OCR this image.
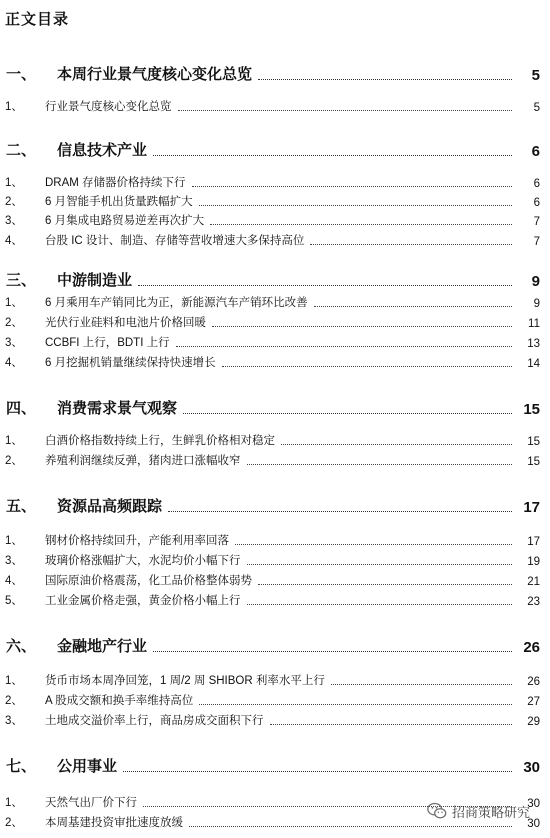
正文目录
一、 本周行业景气度核心变化总览	5
1、 行业景气度核心变化总览	5
二、 信息技术产业	6
1、 DRAM 存储器价格持续下行	6
2、 6 月智能手机出货量跌幅扩大	6
3、 6 月集成电路贸易逆差再次扩大	7
4、 台股 IC 设计、制造、存储等营收增速大多保持高位	7
三、 中游制造业	9
1、 6 月乘用车产销同比为正，新能源汽车产销环比改善	9
2、 光伏行业硅料和电池片价格回暖	11
3、 CCBFI 上行，BDTI 上行	13
4、 6 月挖掘机销量继续保持快速增长	14
四、 消费需求景气观察	15
1、 白酒价格指数持续上行，生鲜乳价格相对稳定	15
2、 养殖利润继续反弹，猪肉进口涨幅收窄	15
五、 资源品高频跟踪	17
1、 钢材价格持续回升，产能利用率回落	17
3、 玻璃价格涨幅扩大，水泥均价小幅下行	19
4、 国际原油价格震荡，化工品价格整体弱势	21
5、 工业金属价格走强，黄金价格小幅上行	23
六、 金融地产行业	26
1、 货币市场本周净回笼，1 周/2 周 SHIBOR 利率水平上行	26
2、 A 股成交额和换手率维持高位	27
3、 土地成交溢价率上行，商品房成交面积下行	29
七、 公用事业	30
1、 天然气出厂价下行	30
2、 本周基建投资审批速度放缓	30
招商策略研究
